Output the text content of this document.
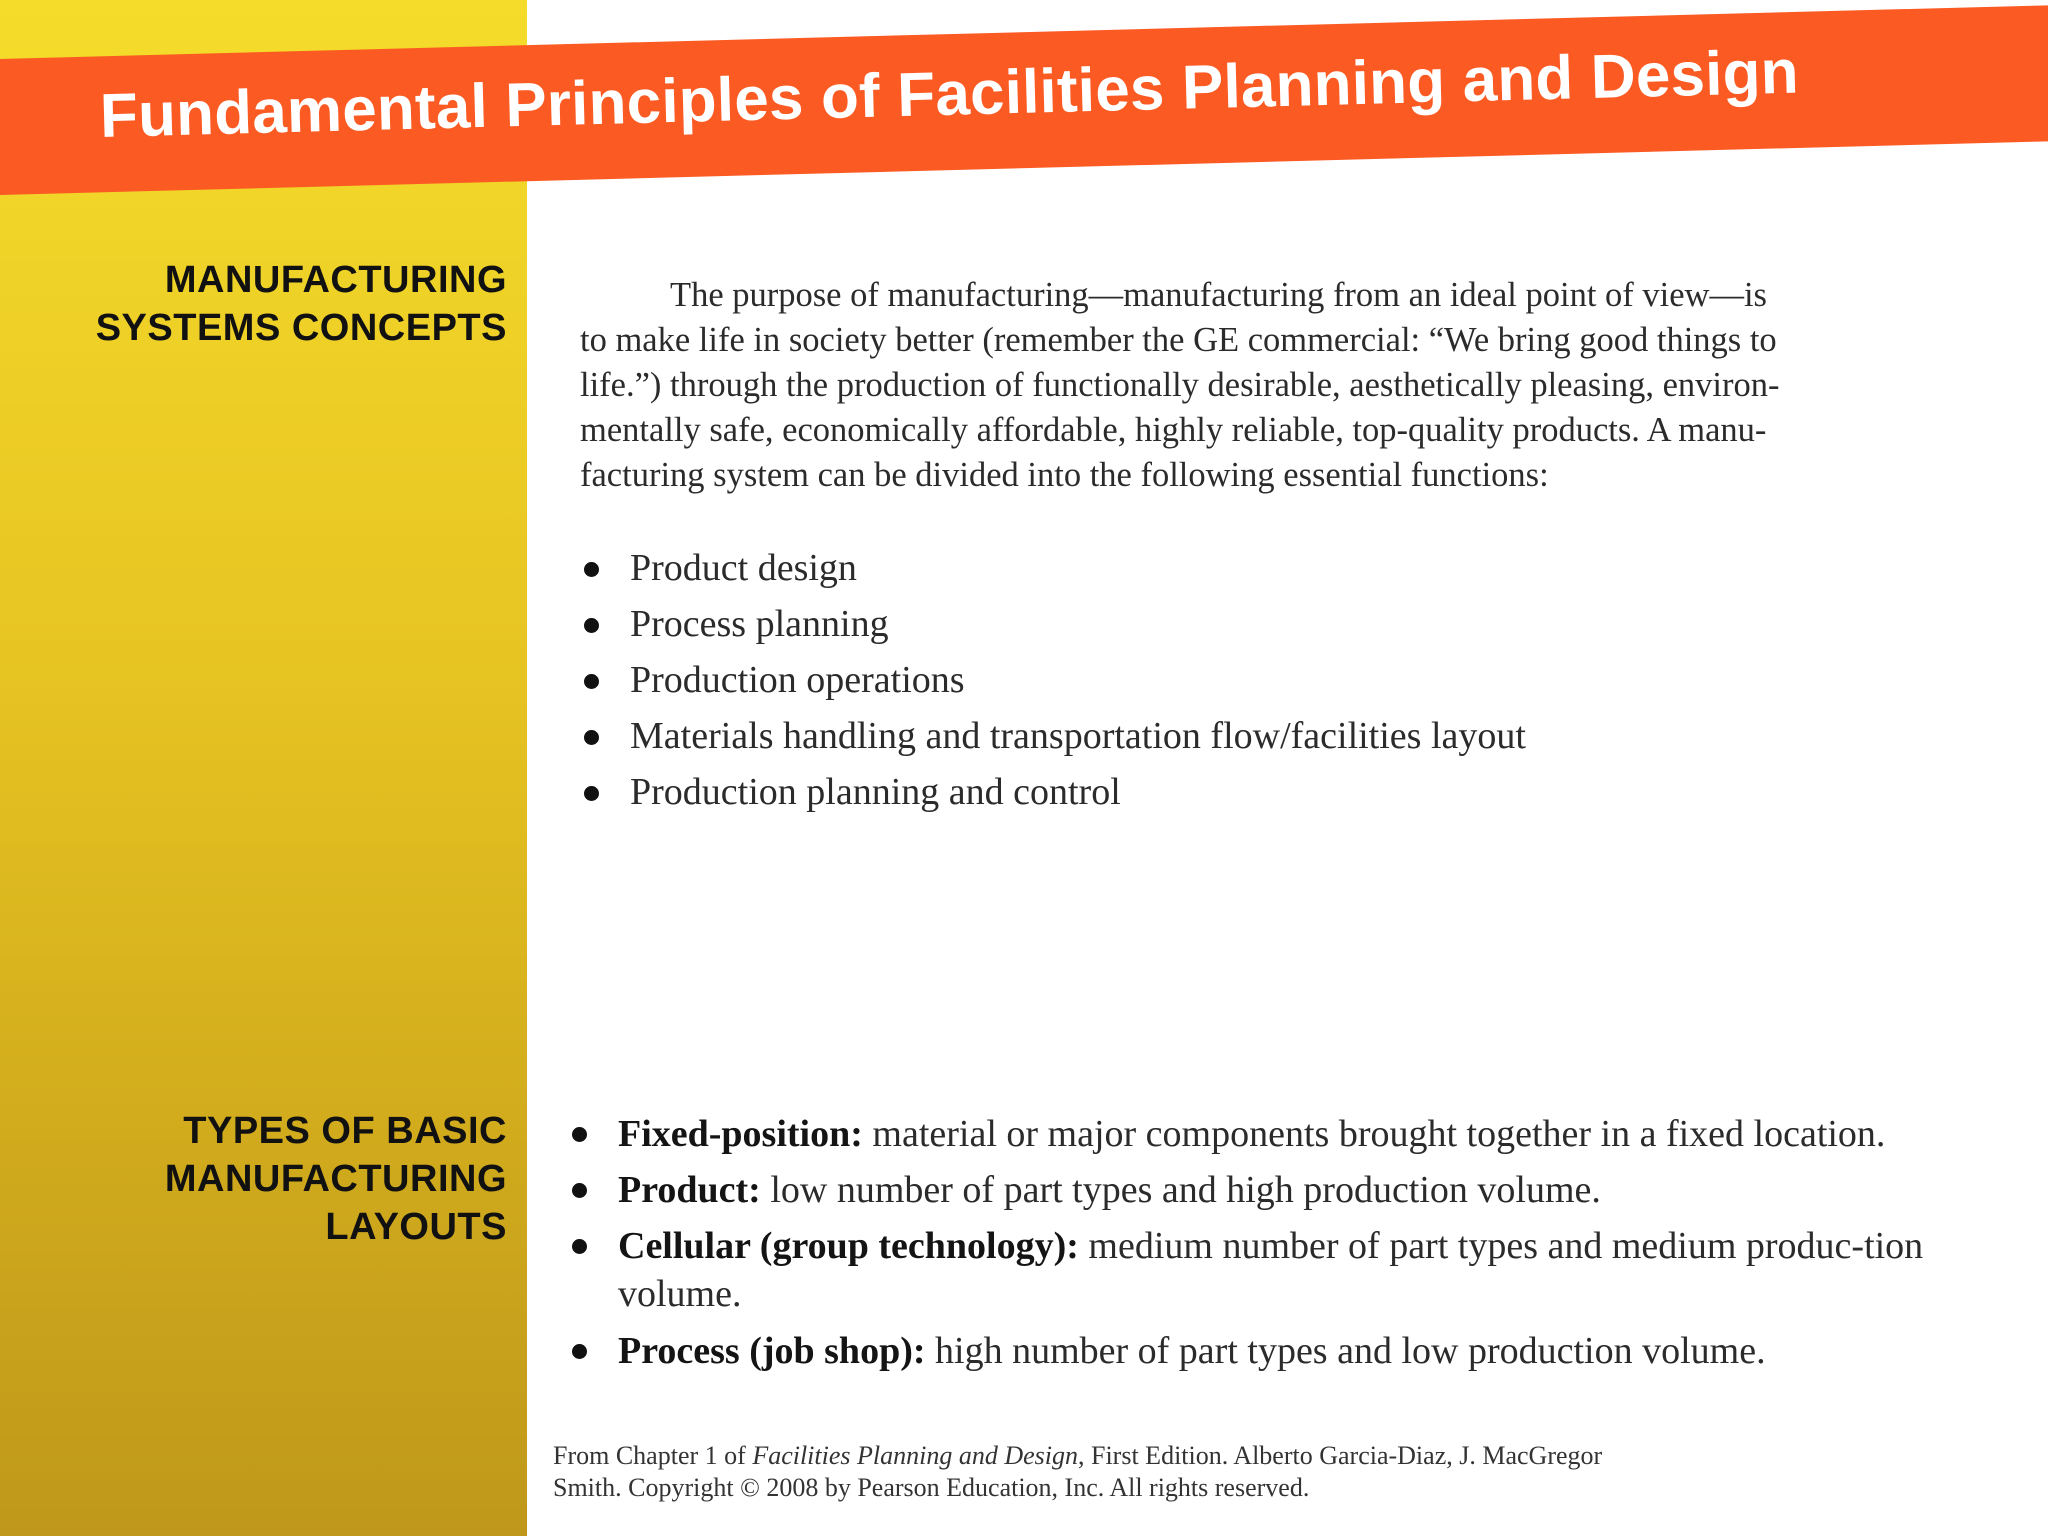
Fundamental Principles of Facilities Planning and Design
MANUFACTURING
SYSTEMS CONCEPTS
TYPES OF BASIC
MANUFACTURING
LAYOUTS
The purpose of manufacturing—manufacturing from an ideal point of view—is
to make life in society better (remember the GE commercial: “We bring good things to
life.”) through the production of functionally desirable, aesthetically pleasing, environ-
mentally safe, economically affordable, highly reliable, top-quality products. A manu-
facturing system can be divided into the following essential functions:
Product design
Process planning
Production operations
Materials handling and transportation flow/facilities layout
Production planning and control
Fixed-position: material or major components brought together in a fixed location.
Product: low number of part types and high production volume.
Cellular (group technology): medium number of part types and medium produc-tion volume.
Process (job shop): high number of part types and low production volume.
From Chapter 1 of Facilities Planning and Design, First Edition. Alberto Garcia-Diaz, J. MacGregor
Smith. Copyright © 2008 by Pearson Education, Inc. All rights reserved.
